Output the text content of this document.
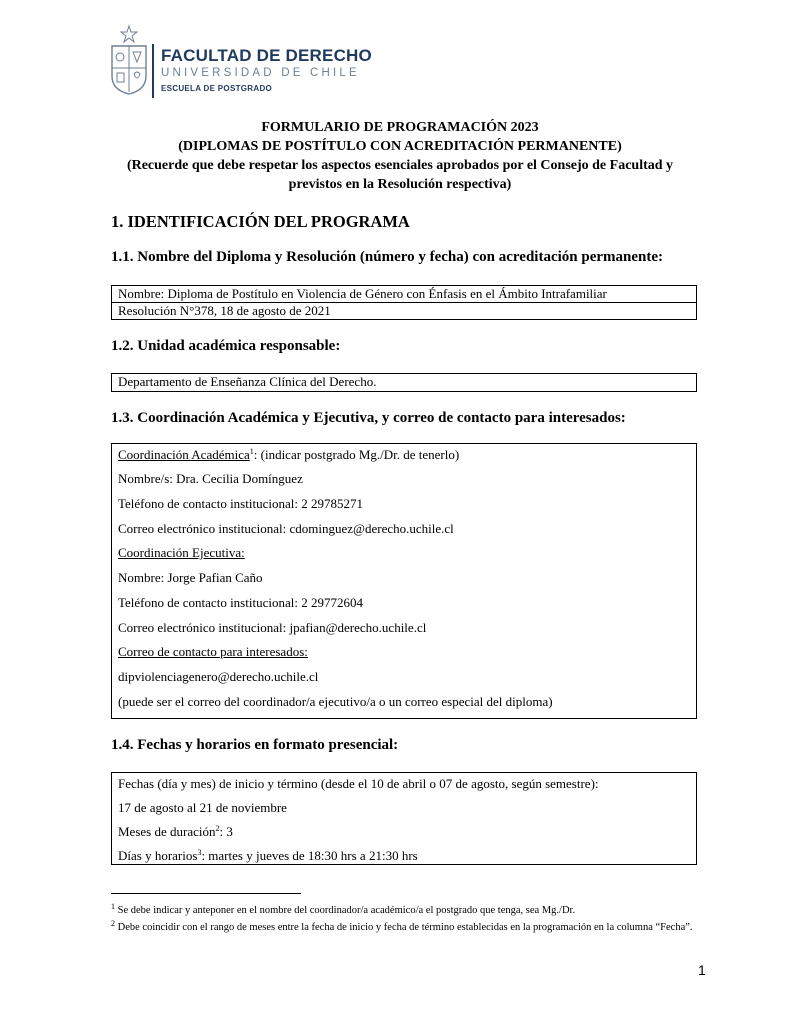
FACULTAD DE DERECHO
UNIVERSIDAD DE CHILE
ESCUELA DE POSTGRADO
FORMULARIO DE PROGRAMACIÓN 2023
(DIPLOMAS DE POSTÍTULO CON ACREDITACIÓN PERMANENTE)
(Recuerde que debe respetar los aspectos esenciales aprobados por el Consejo de Facultad y
previstos en la Resolución respectiva)
1. IDENTIFICACIÓN DEL PROGRAMA
1.1. Nombre del Diploma y Resolución (número y fecha) con acreditación permanente:
Nombre: Diploma de Postítulo en Violencia de Género con Énfasis en el Ámbito Intrafamiliar
Resolución N°378, 18 de agosto de 2021
1.2. Unidad académica responsable:
Departamento de Enseñanza Clínica del Derecho.
1.3. Coordinación Académica y Ejecutiva, y correo de contacto para interesados:
Coordinación Académica$^1$: (indicar postgrado Mg./Dr. de tenerlo)
Nombre/s: Dra. Cecilia Domínguez
Teléfono de contacto institucional: 2 29785271
Correo electrónico institucional: cdominguez@derecho.uchile.cl
Coordinación Ejecutiva:
Nombre: Jorge Pafian Caño
Teléfono de contacto institucional: 2 29772604
Correo electrónico institucional: jpafian@derecho.uchile.cl
Correo de contacto para interesados:
dipviolenciagenero@derecho.uchile.cl
(puede ser el correo del coordinador/a ejecutivo/a o un correo especial del diploma)
1.4. Fechas y horarios en formato presencial:
Fechas (día y mes) de inicio y término (desde el 10 de abril o 07 de agosto, según semestre):
17 de agosto al 21 de noviembre
Meses de duración$^2$: 3
Días y horarios$^3$: martes y jueves de 18:30 hrs a 21:30 hrs
$^1$ Se debe indicar y anteponer en el nombre del coordinador/a académico/a el postgrado que tenga, sea Mg./Dr.
$^2$ Debe coincidir con el rango de meses entre la fecha de inicio y fecha de término establecidas en la programación en la columna “Fecha”.
1
